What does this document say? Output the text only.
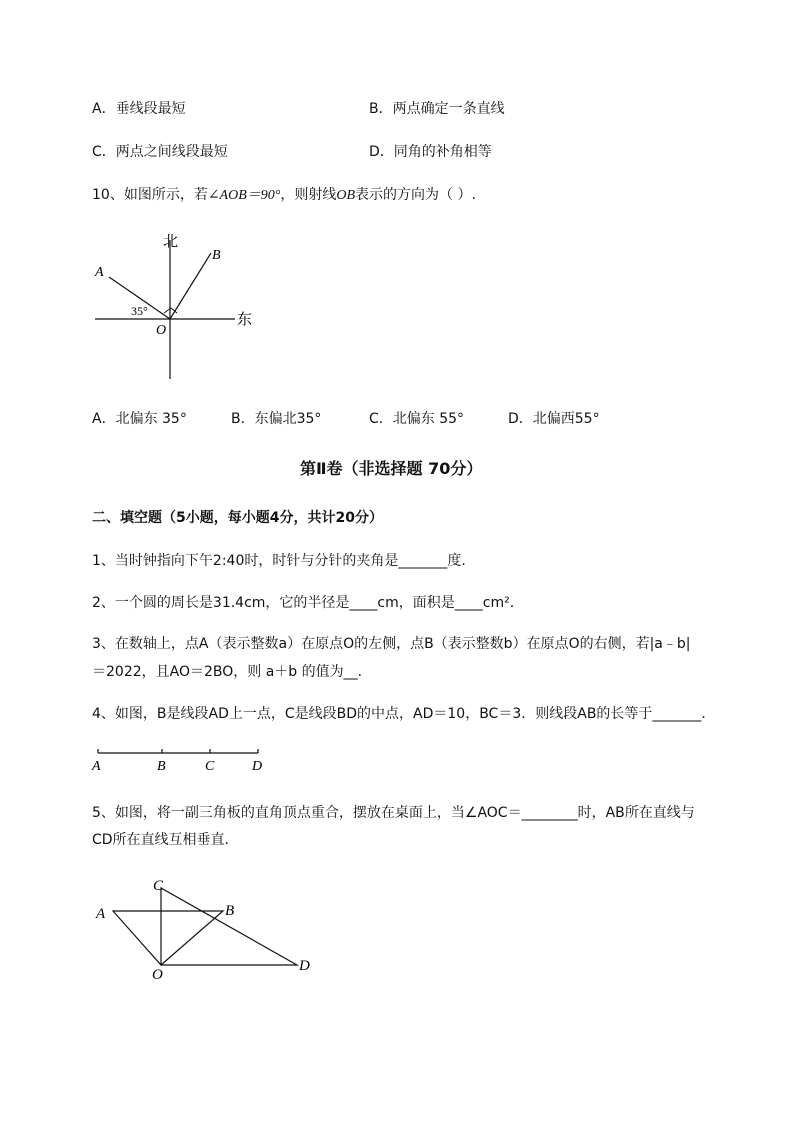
A．垂线段最短	B．两点确定一条直线
C．两点之间线段最短	D．同角的补角相等
10、如图所示，若∠AOB＝90°，则射线OB表示的方向为（ ）.
北
东
A
B
O
35°
A．北偏东 35°	B．东偏北35°	C．北偏东 55°	D．北偏西55°
第Ⅱ卷（非选择题 70分）
二、填空题（5小题，每小题4分，共计20分）
1、当时钟指向下午2:40时，时针与分针的夹角是_______度.
2、一个圆的周长是31.4cm，它的半径是____cm，面积是____cm².
3、在数轴上，点A（表示整数a）在原点O的左侧，点B（表示整数b）在原点O的右侧，若|a﹣b|
＝2022，且AO＝2BO，则 a＋b 的值为__.
4、如图，B是线段AD上一点，C是线段BD的中点，AD＝10，BC＝3．则线段AB的长等于_______.
A	B	C	D
5、如图，将一副三角板的直角顶点重合，摆放在桌面上，当∠AOC＝________时，AB所在直线与
CD所在直线互相垂直．
A	B
C
D
O
